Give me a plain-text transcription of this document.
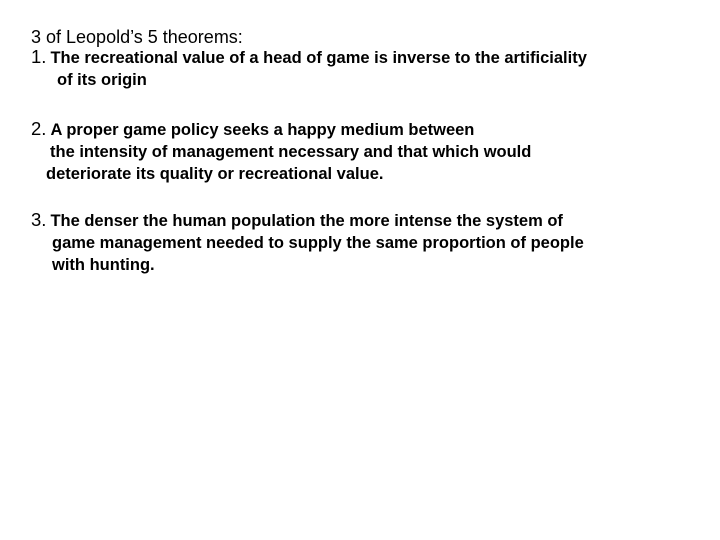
3 of Leopold’s 5 theorems:
1. The recreational value of a head of game is inverse to the artificiality
of its origin
2. A proper game policy seeks a happy medium between
the intensity of management necessary and that which would
deteriorate its quality or recreational value.
3. The denser the human population the more intense the system of
game management needed to supply the same proportion of people
with hunting.
